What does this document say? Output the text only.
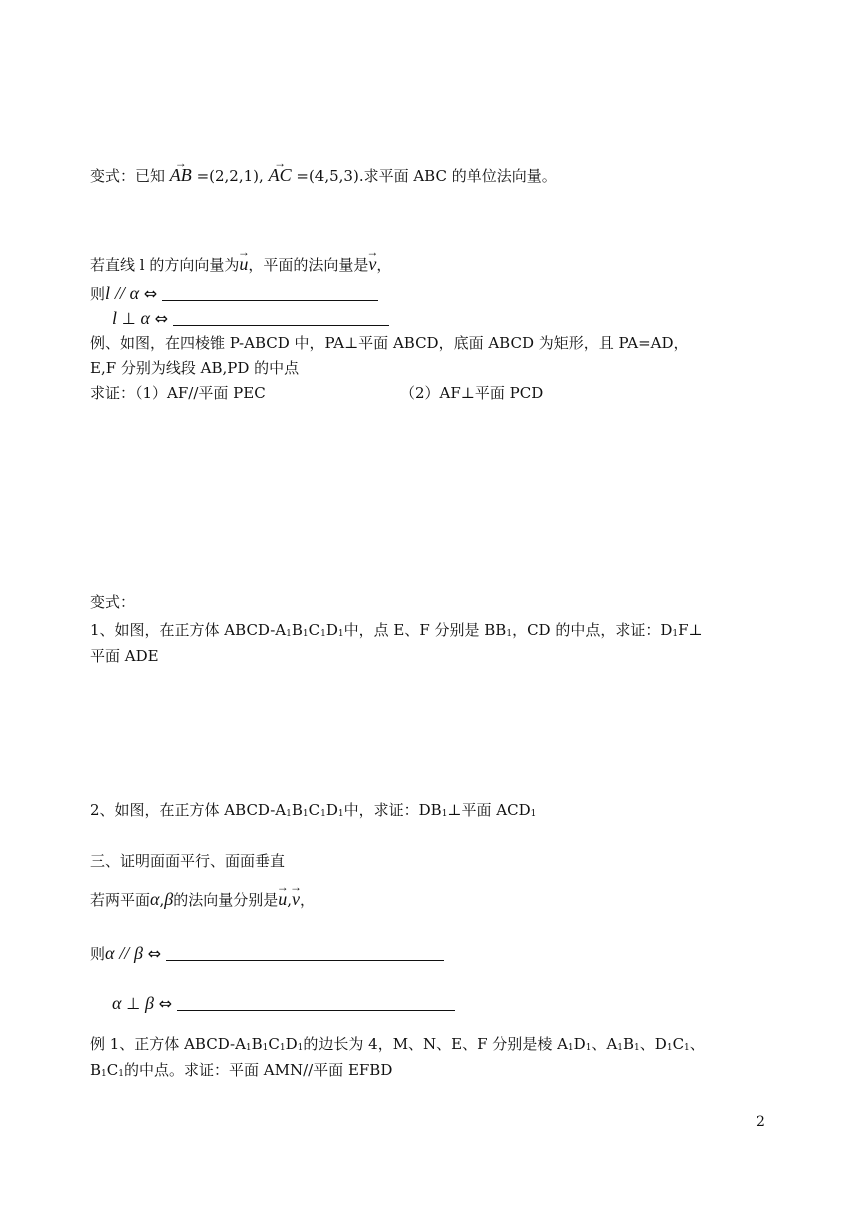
变式：已知 → AB =(2,2,1), → AC =(4,5,3).求平面 ABC 的单位法向量。
若直线 l 的方向向量为→ u，平面的法向量是→ v，
则l // α ⇔
l ⊥ α ⇔
例、如图，在四棱锥 P-ABCD 中，PA⊥平面 ABCD，底面 ABCD 为矩形，且 PA=AD，
E,F 分别为线段 AB,PD 的中点
求证：（1）AF//平面 PEC	（2）AF⊥平面 PCD
变式：
1、如图，在正方体 ABCD-A1B1C1D1中，点 E、F 分别是 BB1，CD 的中点，求证：D1F⊥
平面 ADE
2、如图，在正方体 ABCD-A1B1C1D1中，求证：DB1⊥平面 ACD1
三、证明面面平行、面面垂直
若两平面α,β的法向量分别是→ u,→ v，
则α // β ⇔
α ⊥ β ⇔
例 1、正方体 ABCD-A1B1C1D1的边长为 4，M、N、E、F 分别是棱 A1D1、A1B1、D1C1、
B1C1的中点。求证：平面 AMN//平面 EFBD
2
